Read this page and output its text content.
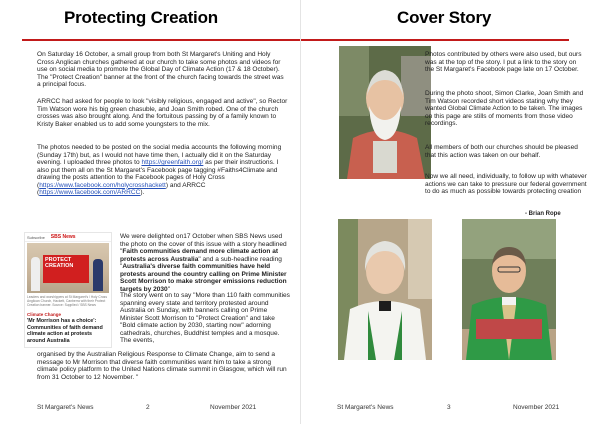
Protecting Creation

On Saturday 16 October, a small group from both St Margaret's Uniting and Holy Cross Anglican churches gathered at our church to take some photos and videos for use on social media to promote the Global Day of Climate Action (17 & 18 October). The "Protect Creation" banner at the front of the church facing towards the street was a principal focus.

ARRCC had asked for people to look "visibly religious, engaged and active", so Rector Tim Watson wore his big green chasuble, and Joan Smith robed. One of the church crosses was also brought along. And the fortuitous passing by of a family known to Kristy Baker enabled us to add some youngsters to the mix.

The photos needed to be posted on the social media accounts the following morning (Sunday 17th) but, as I would not have time then, I actually did it on the Saturday evening. I uploaded three photos to https://greenfaith.org/ as per their instructions. I also put them all on the St Margaret's Facebook page tagging #Faiths4Climate and drawing the posts attention to the Facebook pages of Holy Cross (https://www.facebook.com/holycrosshackett) and ARRCC (https://www.facebook.com/ARRCC).

Subscribe SBS News
PROTECT CREATION
Leaders and worshippers at St Margaret's / Holy Cross Anglican Church, Hackett, Canberra with their Protect Creation banner. Source: Supplied / SBS News
Climate Change
'Mr Morrison has a choice': Communities of faith demand climate action at protests around Australia

We were delighted on17 October when SBS News used the photo on the cover of this issue with a story headlined "Faith communities demand more climate action at protests across Australia" and a sub-headline reading "Australia's diverse faith communities have held protests around the country calling on Prime Minister Scott Morrison to make stronger emissions reduction targets by 2030"

The story went on to say "More than 110 faith communities spanning every state and territory protested around Australia on Sunday, with banners calling on Prime Minister Scott Morrison to "Protect Creation" and take "Bold climate action by 2030, starting now" adorning cathedrals, churches, Buddhist temples and a mosque. The events,

organised by the Australian Religious Response to Climate Change, aim to send a message to Mr Morrison that diverse faith communities want him to take a strong climate policy platform to the United Nations climate summit in Glasgow, which will run from 31 October to 12 November. "

St Margaret's News	2	November 2021
Cover Story

Photos contributed by others were also used, but ours was at the top of the story. I put a link to the story on the St Margaret's Facebook page late on 17 October.

During the photo shoot, Simon Clarke, Joan Smith and Tim Watson recorded short videos stating why they wanted Global Climate Action to be taken. The images on this page are stills of moments from those video recordings.

All members of both our churches should be pleased that this action was taken on our behalf.

Now we all need, individually, to follow up with whatever actions we can take to pressure our federal government to do as much as possible towards protecting creation

- Brian Rope
St Margaret's News	3	November 2021
